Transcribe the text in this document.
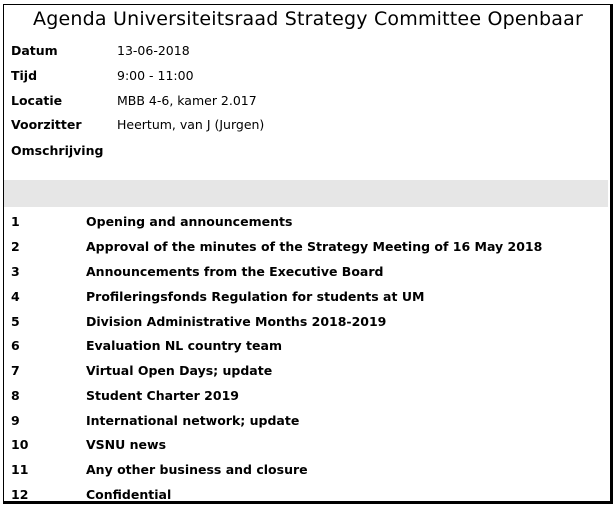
Agenda Universiteitsraad Strategy Committee Openbaar
Datum	13-06-2018
Tijd	9:00 - 11:00
Locatie	MBB 4-6, kamer 2.017
Voorzitter	Heertum, van J (Jurgen)
Omschrijving
1	Opening and announcements
2	Approval of the minutes of the Strategy Meeting of 16 May 2018
3	Announcements from the Executive Board
4	Profileringsfonds Regulation for students at UM
5	Division Administrative Months 2018-2019
6	Evaluation NL country team
7	Virtual Open Days; update
8	Student Charter 2019
9	International network; update
10	VSNU news
11	Any other business and closure
12	Confidential
